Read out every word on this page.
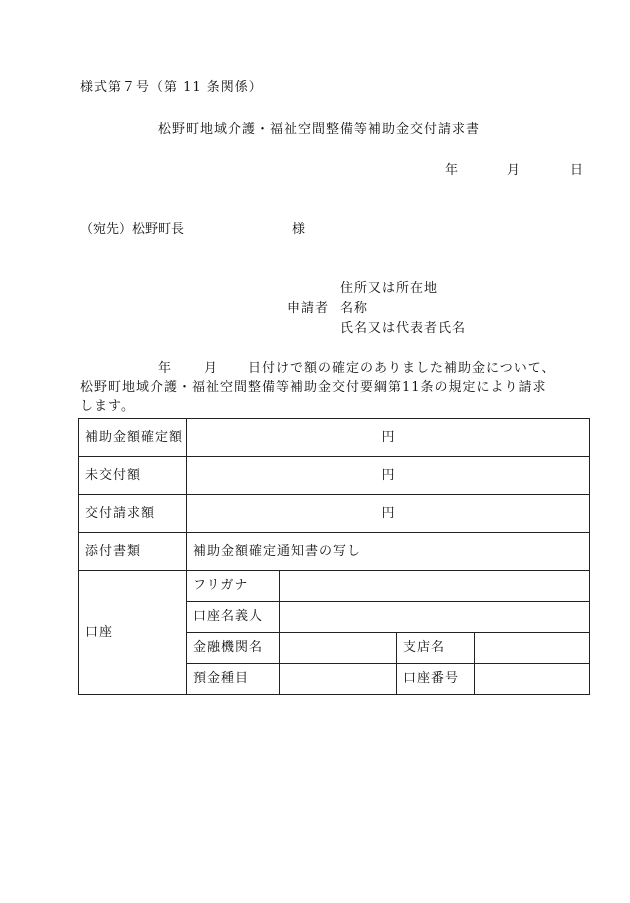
様式第７号（第 11 条関係）
松野町地域介護・福祉空間整備等補助金交付請求書
年	月	日
（宛先）松野町長	様
住所又は所在地
申請者 名称
氏名又は代表者氏名
年 月 日付けで額の確定のありました補助金について、
松野町地域介護・福祉空間整備等補助金交付要綱第11条の規定により請求
します。
補助金額確定額	円			
未交付額	円			
交付請求額	円			
添付書類	補助金額確定通知書の写し			
口座	フリガナ			
	口座名義人			
	金融機関名		支店名	
	預金種目		口座番号	
